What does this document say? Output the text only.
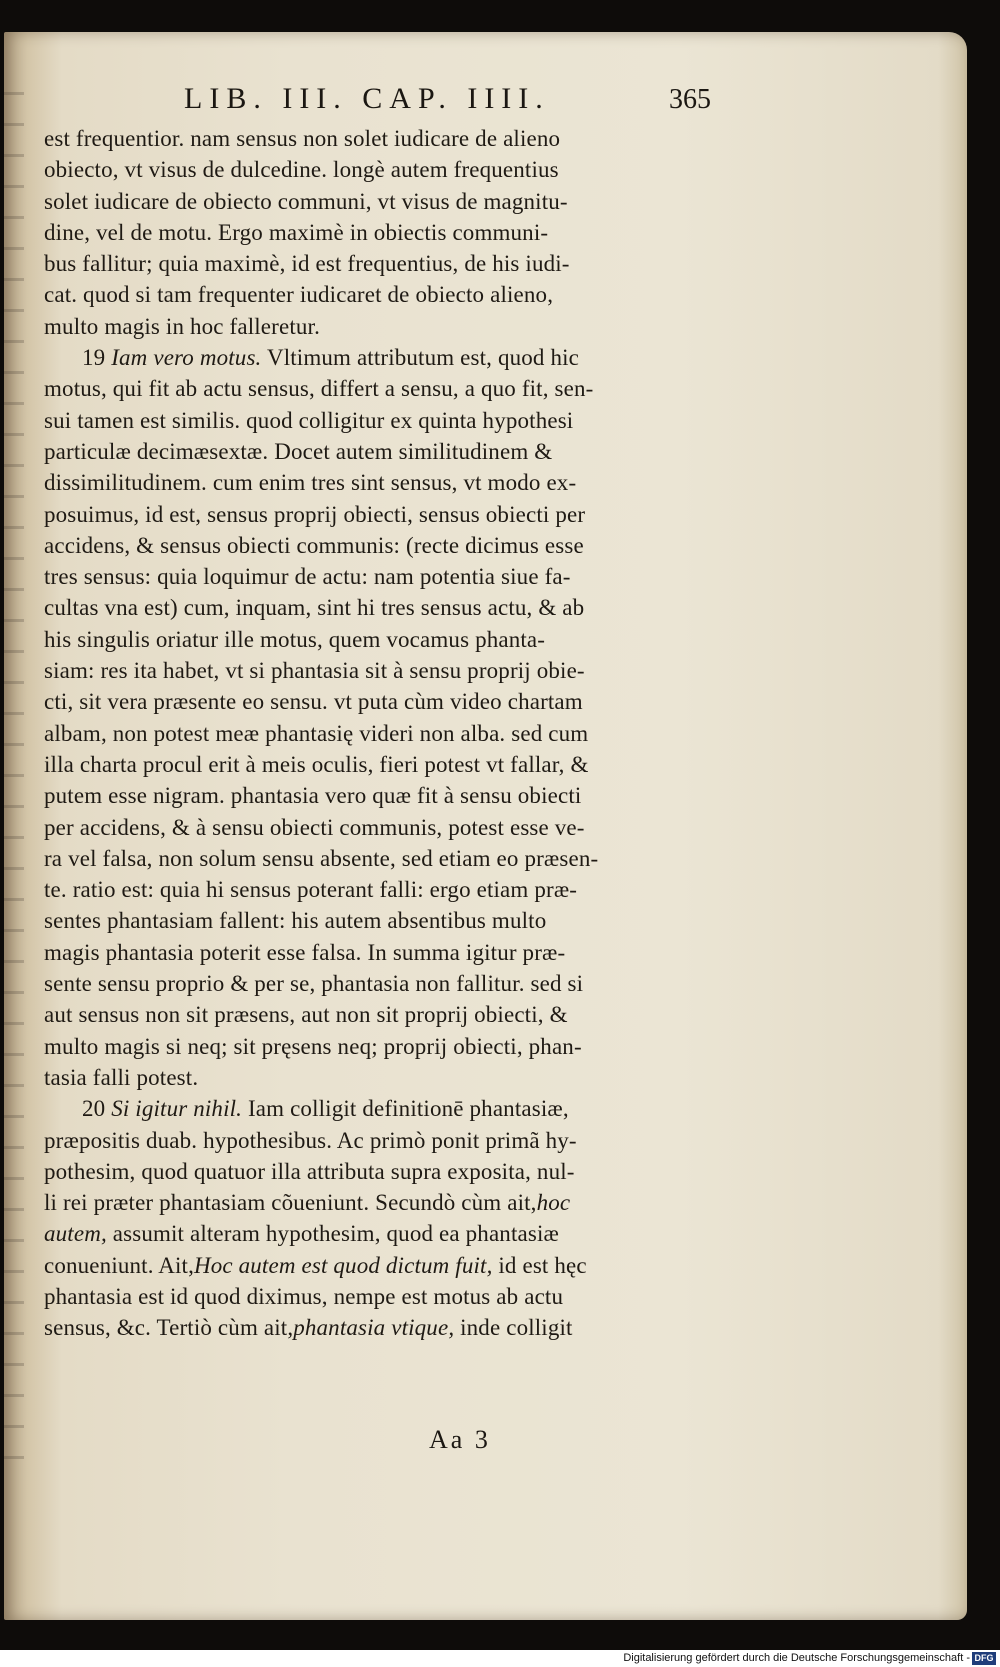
LIB. III. CAP. IIII.	365
est frequentior. nam sensus non solet iudicare de alieno
obiecto, vt visus de dulcedine. longè autem frequentius
solet iudicare de obiecto communi, vt visus de magnitu-
dine, vel de motu. Ergo maximè in obiectis communi-
bus fallitur; quia maximè, id est frequentius, de his iudi-
cat. quod si tam frequenter iudicaret de obiecto alieno,
multo magis in hoc falleretur.
19 Iam vero motus. Vltimum attributum est, quod hic
motus, qui fit ab actu sensus, differt a sensu, a quo fit, sen-
sui tamen est similis. quod colligitur ex quinta hypothesi
particulæ decimæsextæ. Docet autem similitudinem &
dissimilitudinem. cum enim tres sint sensus, vt modo ex-
posuimus, id est, sensus proprij obiecti, sensus obiecti per
accidens, & sensus obiecti communis: (recte dicimus esse
tres sensus: quia loquimur de actu: nam potentia siue fa-
cultas vna est) cum, inquam, sint hi tres sensus actu, & ab
his singulis oriatur ille motus, quem vocamus phanta-
siam: res ita habet, vt si phantasia sit à sensu proprij obie-
cti, sit vera præsente eo sensu. vt puta cùm video chartam
albam, non potest meæ phantasię videri non alba. sed cum
illa charta procul erit à meis oculis, fieri potest vt fallar, &
putem esse nigram. phantasia vero quæ fit à sensu obiecti
per accidens, & à sensu obiecti communis, potest esse ve-
ra vel falsa, non solum sensu absente, sed etiam eo præsen-
te. ratio est: quia hi sensus poterant falli: ergo etiam præ-
sentes phantasiam fallent: his autem absentibus multo
magis phantasia poterit esse falsa. In summa igitur præ-
sente sensu proprio & per se, phantasia non fallitur. sed si
aut sensus non sit præsens, aut non sit proprij obiecti, &
multo magis si neq; sit pręsens neq; proprij obiecti, phan-
tasia falli potest.
20 Si igitur nihil. Iam colligit definitionē phantasiæ,
præpositis duab. hypothesibus. Ac primò ponit primã hy-
pothesim, quod quatuor illa attributa supra exposita, nul-
li rei præter phantasiam cõueniunt. Secundò cùm ait,hoc
autem, assumit alteram hypothesim, quod ea phantasiæ
conueniunt. Ait,Hoc autem est quod dictum fuit, id est hęc
phantasia est id quod diximus, nempe est motus ab actu
sensus, &c. Tertiò cùm ait,phantasia vtique, inde colligit
Aa 3
Digitalisierung gefördert durch die Deutsche Forschungsgemeinschaft - DFG
